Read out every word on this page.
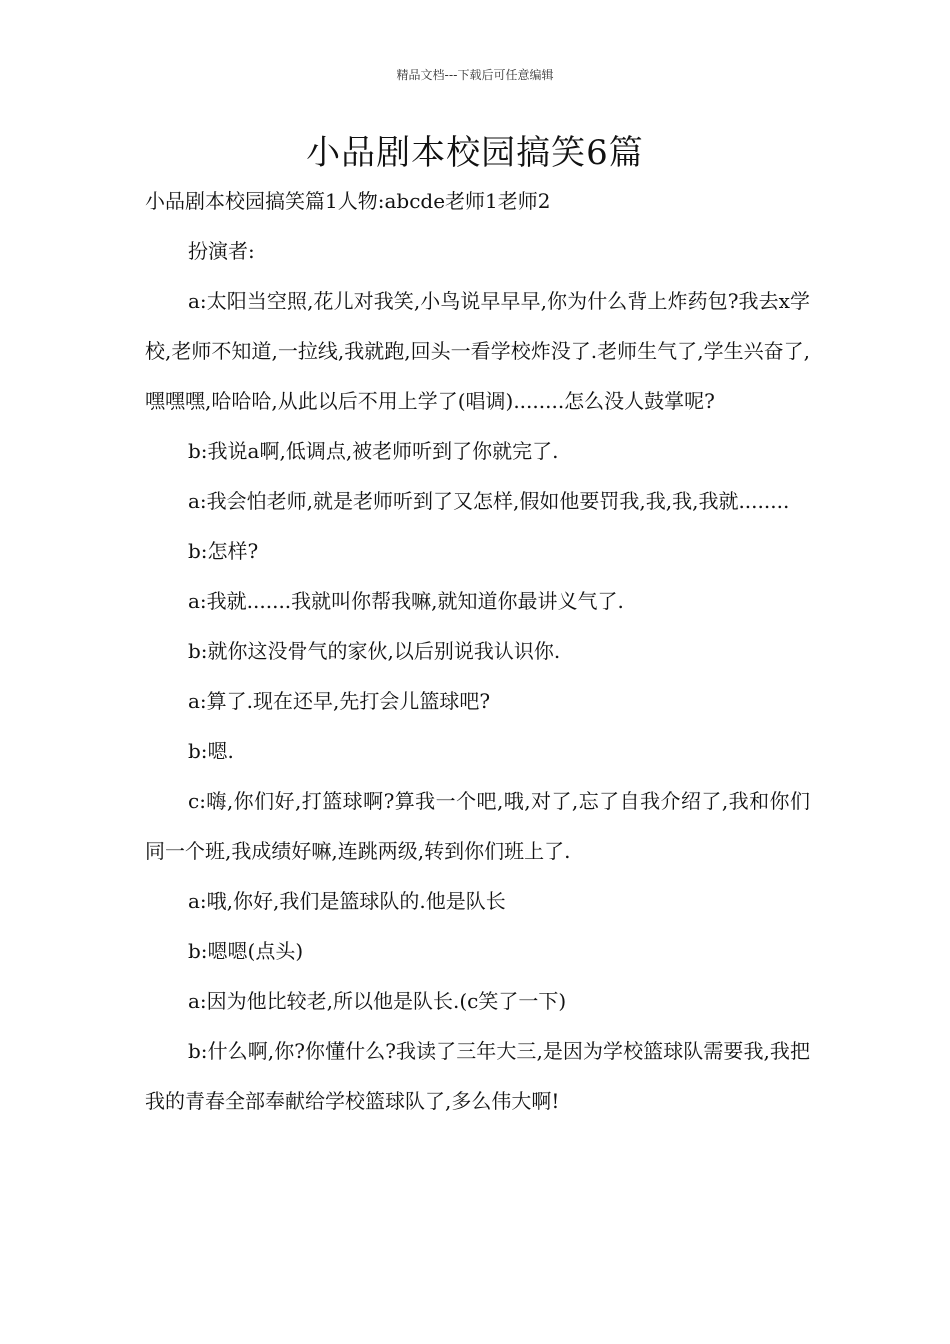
精品文档---下载后可任意编辑
小品剧本校园搞笑6篇

小品剧本校园搞笑篇1人物:abcde老师1老师2

扮演者:

a:太阳当空照,花儿对我笑,小鸟说早早早,你为什么背上炸药包?我去x学校,老师不知道,一拉线,我就跑,回头一看学校炸没了.老师生气了,学生兴奋了,嘿嘿嘿,哈哈哈,从此以后不用上学了(唱调)........怎么没人鼓掌呢?

b:我说a啊,低调点,被老师听到了你就完了.

a:我会怕老师,就是老师听到了又怎样,假如他要罚我,我,我,我就........

b:怎样?

a:我就.......我就叫你帮我嘛,就知道你最讲义气了.

b:就你这没骨气的家伙,以后别说我认识你.

a:算了.现在还早,先打会儿篮球吧?

b:嗯.

c:嗨,你们好,打篮球啊?算我一个吧,哦,对了,忘了自我介绍了,我和你们同一个班,我成绩好嘛,连跳两级,转到你们班上了.

a:哦,你好,我们是篮球队的.他是队长

b:嗯嗯(点头)

a:因为他比较老,所以他是队长.(c笑了一下)

b:什么啊,你?你懂什么?我读了三年大三,是因为学校篮球队需要我,我把我的青春全部奉献给学校篮球队了,多么伟大啊!
